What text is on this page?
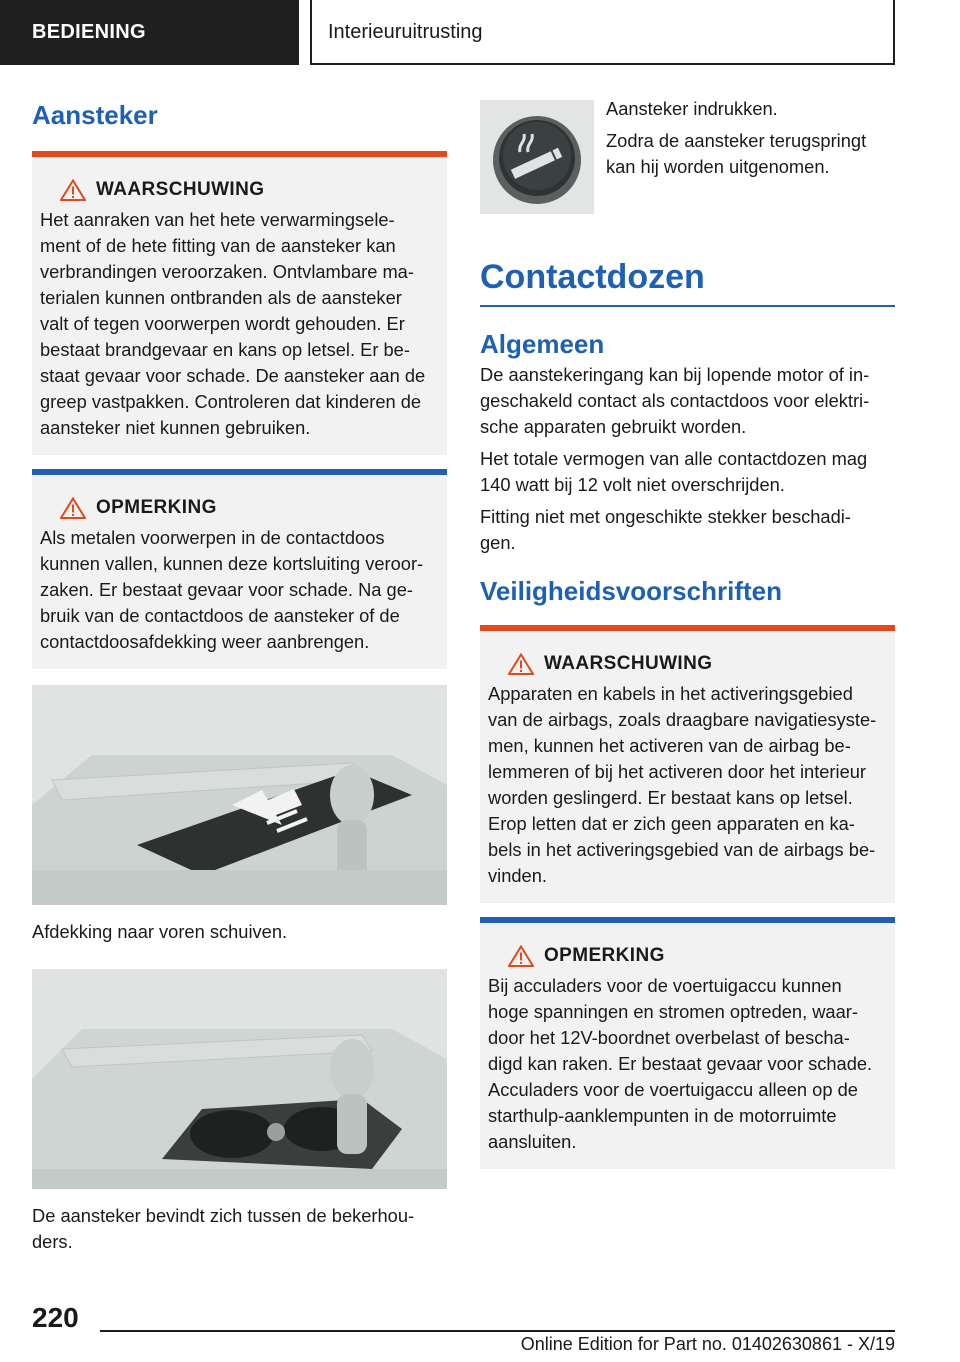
BEDIENING	Interieuruitrusting
Aansteker
WAARSCHUWING
Het aanraken van het hete verwarmingsele-
ment of de hete fitting van de aansteker kan
verbrandingen veroorzaken. Ontvlambare ma-
terialen kunnen ontbranden als de aansteker
valt of tegen voorwerpen wordt gehouden. Er
bestaat brandgevaar en kans op letsel. Er be-
staat gevaar voor schade. De aansteker aan de
greep vastpakken. Controleren dat kinderen de
aansteker niet kunnen gebruiken.
OPMERKING
Als metalen voorwerpen in de contactdoos
kunnen vallen, kunnen deze kortsluiting veroor-
zaken. Er bestaat gevaar voor schade. Na ge-
bruik van de contactdoos de aansteker of de
contactdoosafdekking weer aanbrengen.

Afdekking naar voren schuiven.

De aansteker bevindt zich tussen de bekerhou-
ders.
Aansteker indrukken.
Zodra de aansteker terugspringt
kan hij worden uitgenomen.
Contactdozen
Algemeen

De aanstekeringang kan bij lopende motor of in-
geschakeld contact als contactdoos voor elektri-
sche apparaten gebruikt worden.

Het totale vermogen van alle contactdozen mag
140 watt bij 12 volt niet overschrijden.

Fitting niet met ongeschikte stekker beschadi-
gen.

Veiligheidsvoorschriften
WAARSCHUWING
Apparaten en kabels in het activeringsgebied
van de airbags, zoals draagbare navigatiesyste-
men, kunnen het activeren van de airbag be-
lemmeren of bij het activeren door het interieur
worden geslingerd. Er bestaat kans op letsel.
Erop letten dat er zich geen apparaten en ka-
bels in het activeringsgebied van de airbags be-
vinden.
OPMERKING
Bij acculaders voor de voertuigaccu kunnen
hoge spanningen en stromen optreden, waar-
door het 12V-boordnet overbelast of bescha-
digd kan raken. Er bestaat gevaar voor schade.
Acculaders voor de voertuigaccu alleen op de
starthulp-aanklempunten in de motorruimte
aansluiten.
220
Online Edition for Part no. 01402630861 - X/19
